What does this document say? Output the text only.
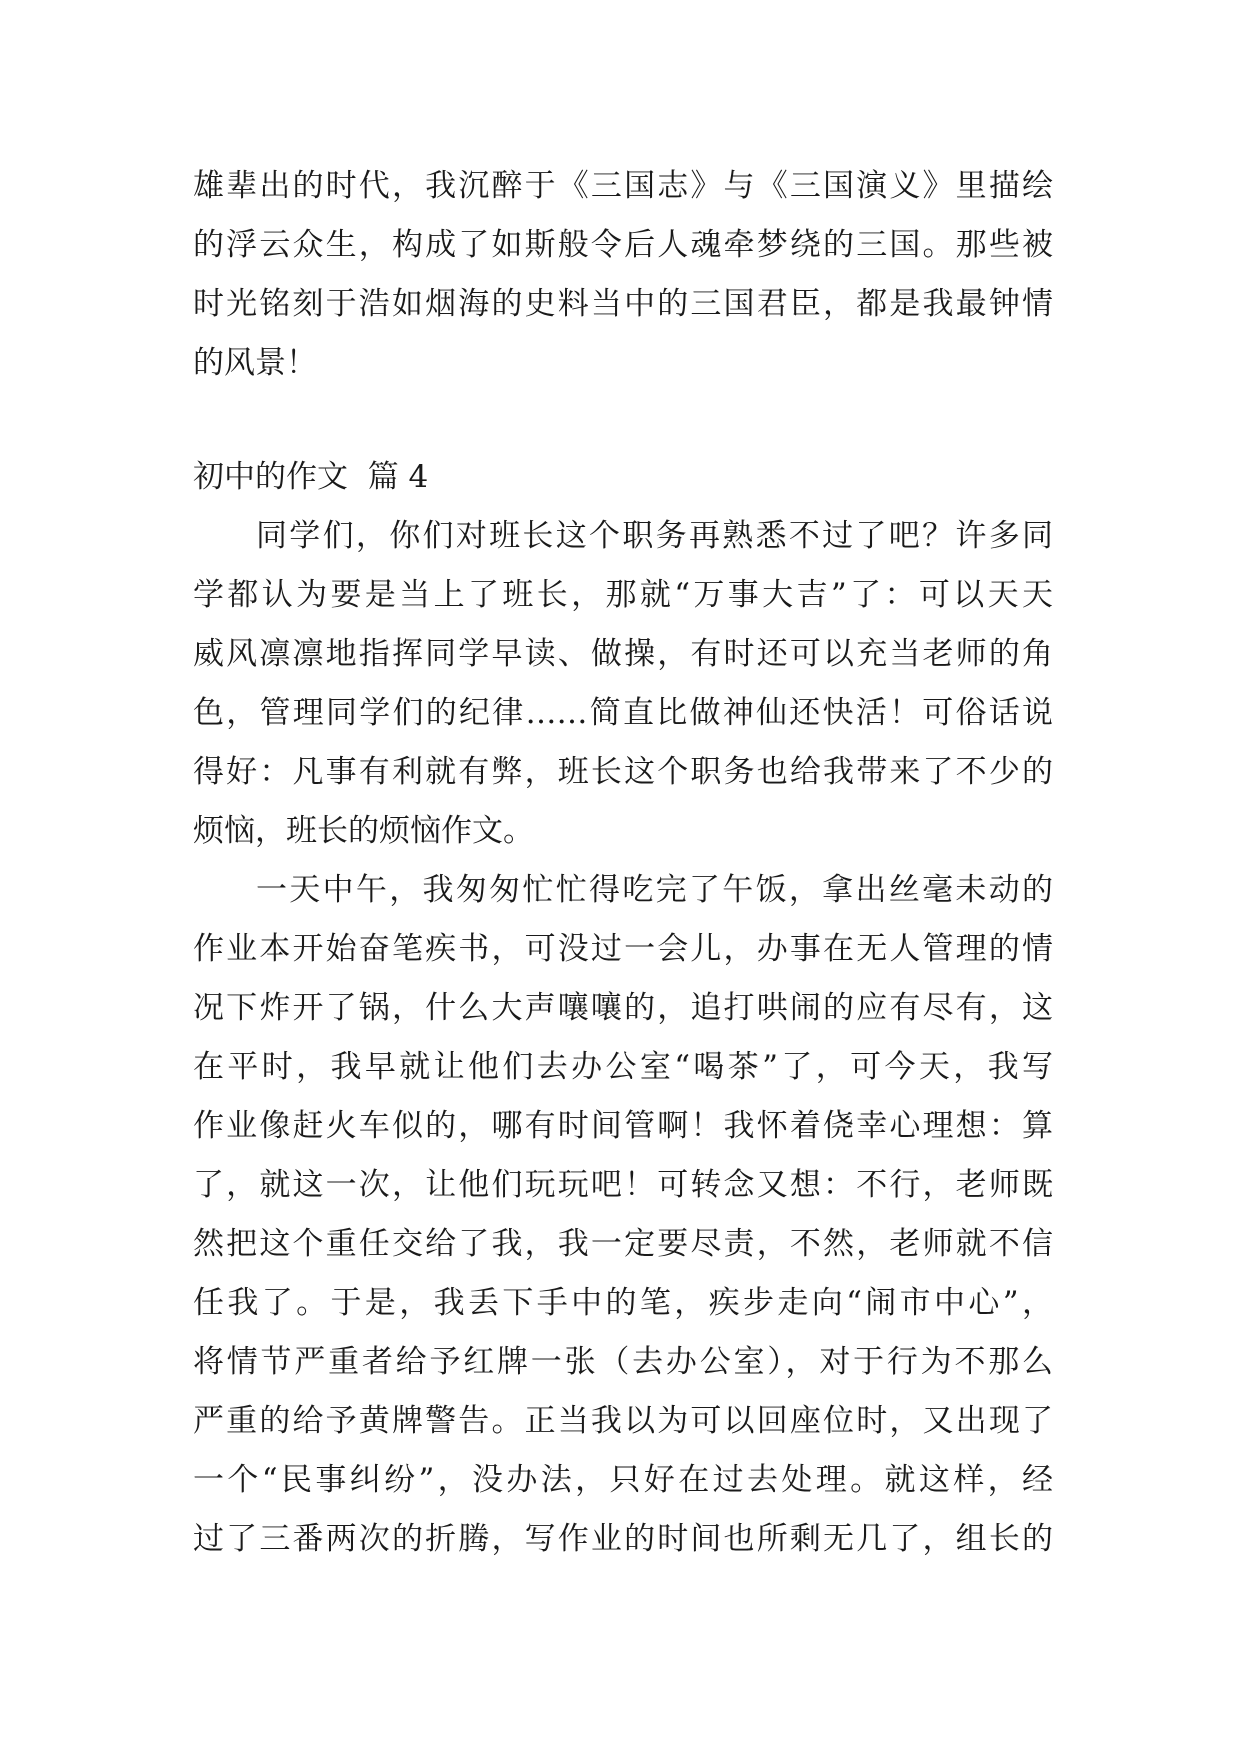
雄辈出的时代，我沉醉于《三国志》与《三国演义》里描绘
的浮云众生，构成了如斯般令后人魂牵梦绕的三国。那些被
时光铭刻于浩如烟海的史料当中的三国君臣，都是我最钟情
的风景！
初中的作文  篇 4
同学们，你们对班长这个职务再熟悉不过了吧？许多同
学都认为要是当上了班长，那就“万事大吉”了：可以天天
威风凛凛地指挥同学早读、做操，有时还可以充当老师的角
色，管理同学们的纪律……简直比做神仙还快活！可俗话说
得好：凡事有利就有弊，班长这个职务也给我带来了不少的
烦恼，班长的烦恼作文。
一天中午，我匆匆忙忙得吃完了午饭，拿出丝毫未动的
作业本开始奋笔疾书，可没过一会儿，办事在无人管理的情
况下炸开了锅，什么大声嚷嚷的，追打哄闹的应有尽有，这
在平时，我早就让他们去办公室“喝茶”了，可今天，我写
作业像赶火车似的，哪有时间管啊！我怀着侥幸心理想：算
了，就这一次，让他们玩玩吧！可转念又想：不行，老师既
然把这个重任交给了我，我一定要尽责，不然，老师就不信
任我了。于是，我丢下手中的笔，疾步走向“闹市中心”，
将情节严重者给予红牌一张（去办公室），对于行为不那么
严重的给予黄牌警告。正当我以为可以回座位时，又出现了
一个“民事纠纷”，没办法，只好在过去处理。就这样，经
过了三番两次的折腾，写作业的时间也所剩无几了，组长的
